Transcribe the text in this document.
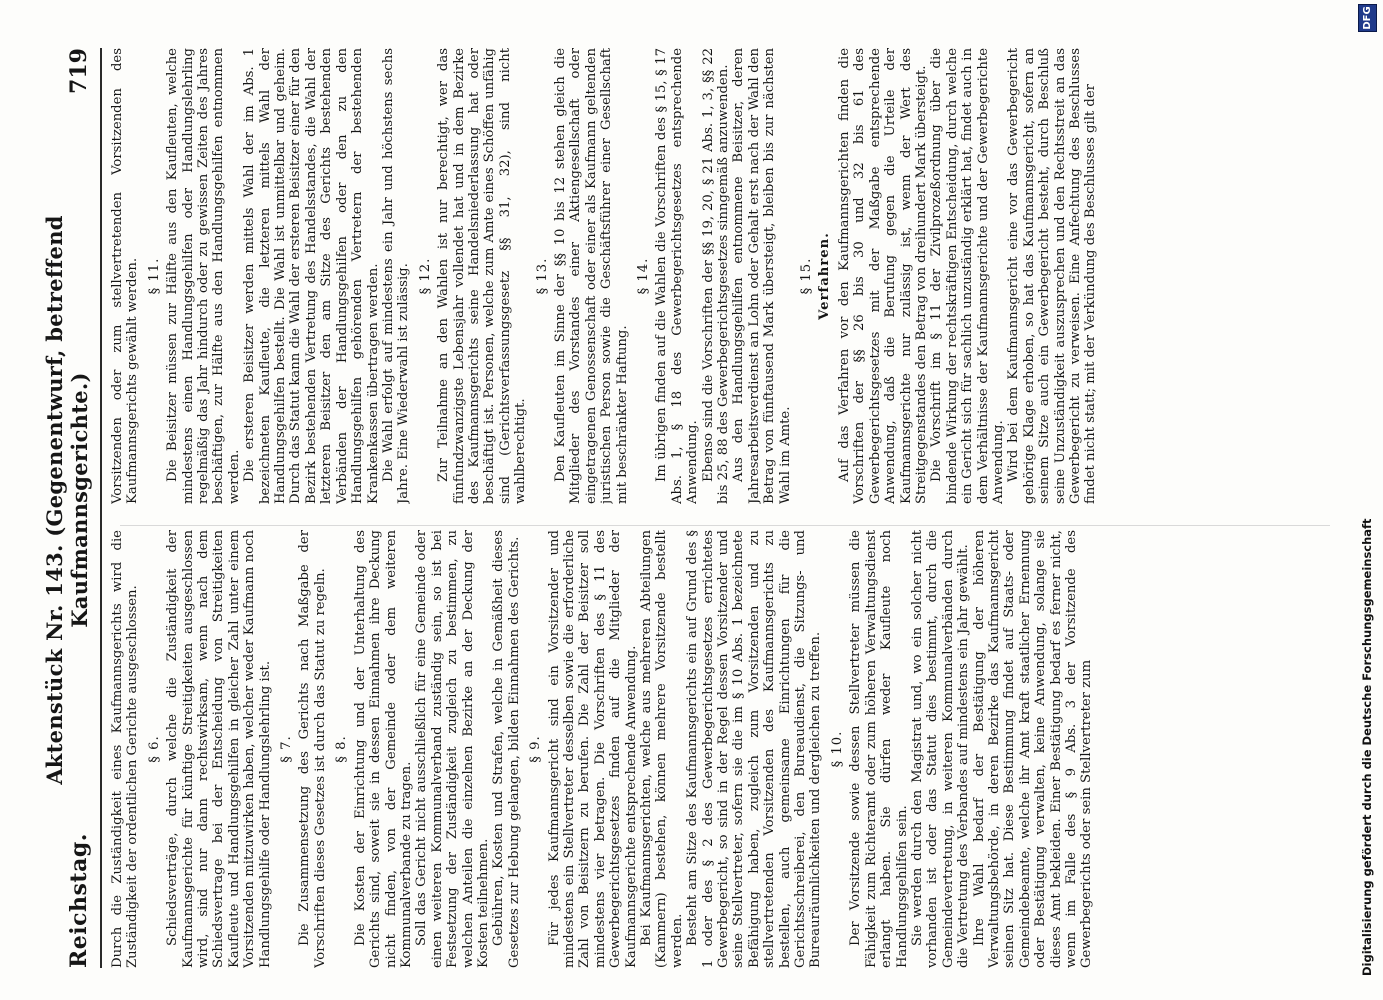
Reichstag.
Aktenstück Nr. 143. (Gegenentwurf, betreffend Kaufmannsgerichte.)
719

Durch die Zuständigkeit eines Kaufmannsgerichts wird die Zuständigkeit der ordentlichen Gerichte ausgeschlossen. § 6. Schiedsverträge, durch welche die Zuständigkeit der Kaufmannsgerichte für künftige Streitigkeiten ausgeschlossen wird, sind nur dann rechtswirksam, wenn nach dem Schiedsvertrage bei der Entscheidung von Streitigkeiten Kaufleute und Handlungsgehilfen in gleicher Zahl unter einem Vorsitzenden mitzuwirken haben, welcher weder Kaufmann noch Handlungsgehilfe oder Handlungslehrling ist. § 7. Die Zusammensetzung des Gerichts nach Maßgabe der Vorschriften dieses Gesetzes ist durch das Statut zu regeln. § 8. Die Kosten der Einrichtung und der Unterhaltung des Gerichts sind, soweit sie in dessen Einnahmen ihre Deckung nicht finden, von der Gemeinde oder dem weiteren Kommunalverbande zu tragen. Soll das Gericht nicht ausschließlich für eine Gemeinde oder einen weiteren Kommunalverband zuständig sein, so ist bei Festsetzung der Zuständigkeit zugleich zu bestimmen, zu welchen Anteilen die einzelnen Bezirke an der Deckung der Kosten teilnehmen. Gebühren, Kosten und Strafen, welche in Gemäßheit dieses Gesetzes zur Hebung gelangen, bilden Einnahmen des Gerichts. § 9. Für jedes Kaufmannsgericht sind ein Vorsitzender und mindestens ein Stellvertreter desselben sowie die erforderliche Zahl von Beisitzern zu berufen. Die Zahl der Beisitzer soll mindestens vier betragen. Die Vorschriften des § 11 des Gewerbegerichtsgesetzes finden auf die Mitglieder der Kaufmannsgerichte entsprechende Anwendung. Bei Kaufmannsgerichten, welche aus mehreren Abteilungen (Kammern) bestehen, können mehrere Vorsitzende bestellt werden. Besteht am Sitze des Kaufmannsgerichts ein auf Grund des § 1 oder des § 2 des Gewerbegerichtsgesetzes errichtetes Gewerbegericht, so sind in der Regel dessen Vorsitzender und seine Stellvertreter, sofern sie die im § 10 Abs. 1 bezeichnete Befähigung haben, zugleich zum Vorsitzenden und zu stellvertretenden Vorsitzenden des Kaufmannsgerichts zu bestellen, auch gemeinsame Einrichtungen für die Gerichtsschreiberei, den Bureaudienst, die Sitzungs- und Bureauräumlichkeiten und dergleichen zu treffen. § 10. Der Vorsitzende sowie dessen Stellvertreter müssen die Fähigkeit zum Richteramt oder zum höheren Verwaltungsdienst erlangt haben. Sie dürfen weder Kaufleute noch Handlungsgehilfen sein. Sie werden durch den Magistrat und, wo ein solcher nicht vorhanden ist oder das Statut dies bestimmt, durch die Gemeindevertretung, in weiteren Kommunalverbänden durch die Vertretung des Verbandes auf mindestens ein Jahr gewählt. Ihre Wahl bedarf der Bestätigung der höheren Verwaltungsbehörde, in deren Bezirke das Kaufmannsgericht seinen Sitz hat. Diese Bestimmung findet auf Staats- oder Gemeindebeamte, welche ihr Amt kraft staatlicher Ernennung oder Bestätigung verwalten, keine Anwendung, solange sie dieses Amt bekleiden. Einer Bestätigung bedarf es ferner nicht, wenn im Falle des § 9 Abs. 3 der Vorsitzende des Gewerbegerichts oder sein Stellvertreter zum

Vorsitzenden oder zum stellvertretenden Vorsitzenden des Kaufmannsgerichts gewählt werden. § 11. Die Beisitzer müssen zur Hälfte aus den Kaufleuten, welche mindestens einen Handlungsgehilfen oder Handlungslehrling regelmäßig das Jahr hindurch oder zu gewissen Zeiten des Jahres beschäftigen, zur Hälfte aus den Handlungsgehilfen entnommen werden. Die ersteren Beisitzer werden mittels Wahl der im Abs. 1 bezeichneten Kaufleute, die letzteren mittels Wahl der Handlungsgehilfen bestellt. Die Wahl ist unmittelbar und geheim. Durch das Statut kann die Wahl der ersteren Beisitzer einer für den Bezirk bestehenden Vertretung des Handelsstandes, die Wahl der letzteren Beisitzer den am Sitze des Gerichts bestehenden Verbänden der Handlungsgehilfen oder den zu den Handlungsgehilfen gehörenden Vertretern der bestehenden Krankenkassen übertragen werden. Die Wahl erfolgt auf mindestens ein Jahr und höchstens sechs Jahre. Eine Wiederwahl ist zulässig. § 12. Zur Teilnahme an den Wahlen ist nur berechtigt, wer das fünfundzwanzigste Lebensjahr vollendet hat und in dem Bezirke des Kaufmannsgerichts seine Handelsniederlassung hat oder beschäftigt ist. Personen, welche zum Amte eines Schöffen unfähig sind (Gerichtsverfassungsgesetz §§ 31, 32), sind nicht wahlberechtigt.

§ 13. Den Kaufleuten im Sinne der §§ 10 bis 12 stehen gleich die Mitglieder des Vorstandes einer Aktiengesellschaft oder eingetragenen Genossenschaft oder einer als Kaufmann geltenden juristischen Person sowie die Geschäftsführer einer Gesellschaft mit beschränkter Haftung.

§ 14. Im übrigen finden auf die Wahlen die Vorschriften des § 15, § 17 Abs. 1, § 18 des Gewerbegerichtsgesetzes entsprechende Anwendung. Ebenso sind die Vorschriften der §§ 19, 20, § 21 Abs. 1, 3, §§ 22 bis 25, 88 des Gewerbegerichtsgesetzes sinngemäß anzuwenden. Aus den Handlungsgehilfen entnommene Beisitzer, deren Jahresarbeitsverdienst an Lohn oder Gehalt erst nach der Wahl den Betrag von fünftausend Mark übersteigt, bleiben bis zur nächsten Wahl im Amte.

§ 15. Verfahren. Auf das Verfahren vor den Kaufmannsgerichten finden die Vorschriften der §§ 26 bis 30 und 32 bis 61 des Gewerbegerichtsgesetzes mit der Maßgabe entsprechende Anwendung, daß die Berufung gegen die Urteile der Kaufmannsgerichte nur zulässig ist, wenn der Wert des Streitgegenstandes den Betrag von dreihundert Mark übersteigt. Die Vorschrift im § 11 der Zivilprozeßordnung über die bindende Wirkung der rechtskräftigen Entscheidung, durch welche ein Gericht sich für sachlich unzuständig erklärt hat, findet auch in dem Verhältnisse der Kaufmannsgerichte und der Gewerbegerichte Anwendung. Wird bei dem Kaufmannsgericht eine vor das Gewerbegericht gehörige Klage erhoben, so hat das Kaufmannsgericht, sofern an seinem Sitze auch ein Gewerbegericht besteht, durch Beschluß seine Unzuständigkeit auszusprechen und den Rechtsstreit an das Gewerbegericht zu verweisen. Eine Anfechtung des Beschlusses findet nicht statt; mit der Verkündung des Beschlusses gilt der

Digitalisierung gefördert durch die Deutsche Forschungsgemeinschaft
DFG
